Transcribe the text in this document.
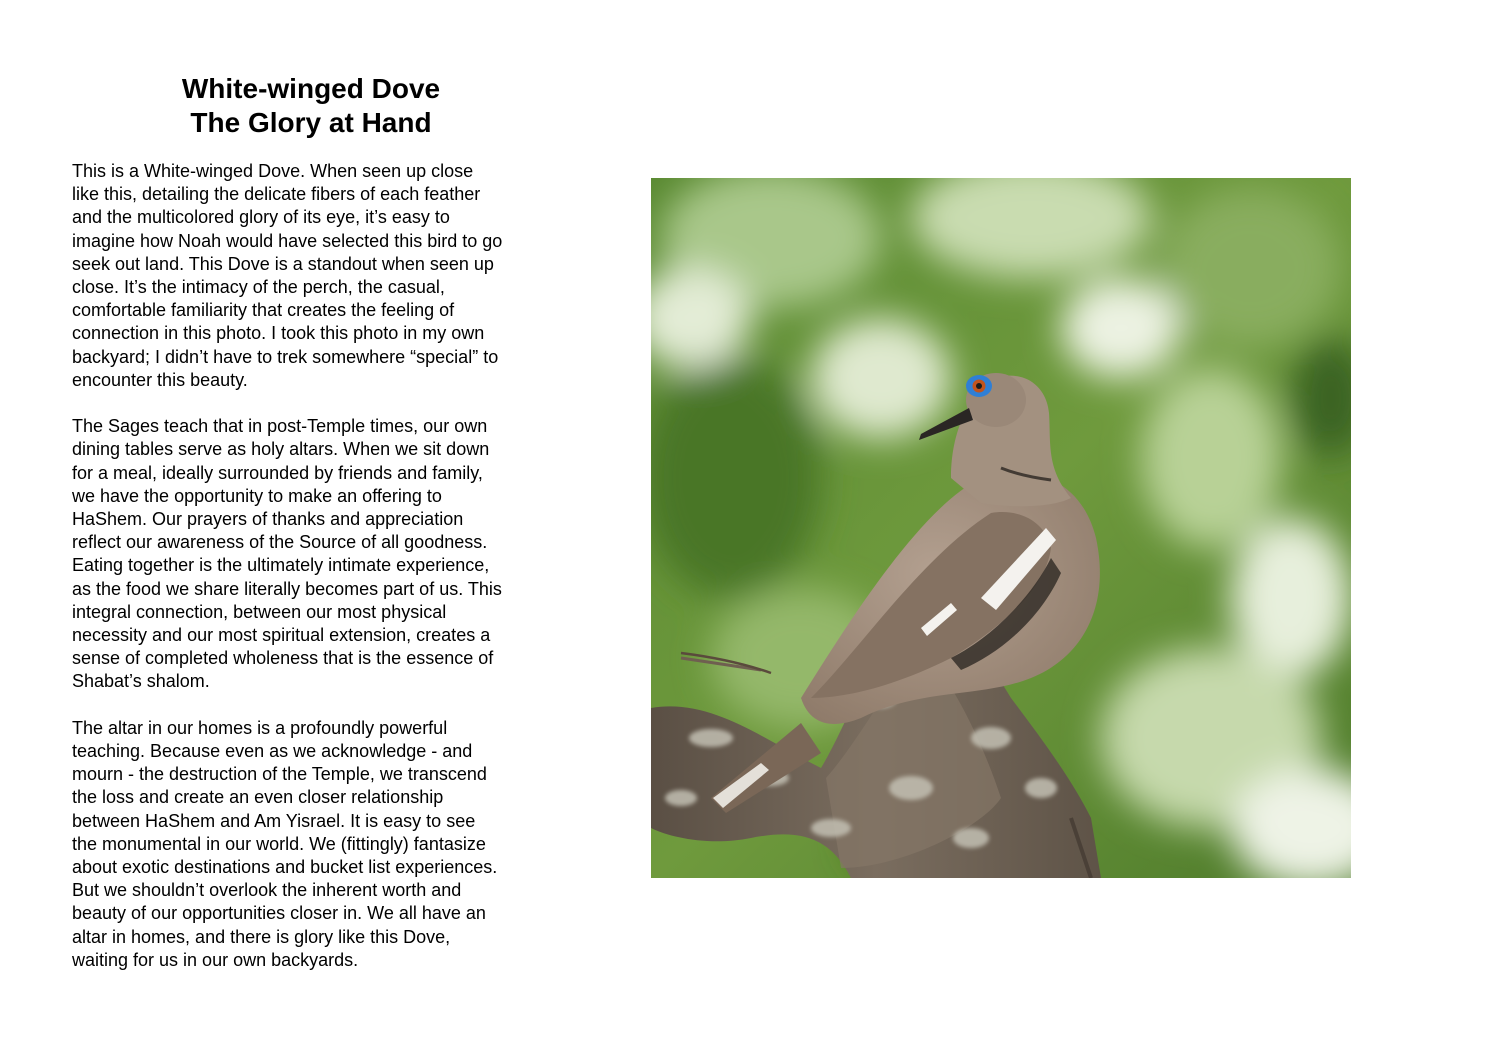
White-winged Dove
The Glory at Hand

This is a White-winged Dove. When seen up close
like this, detailing the delicate fibers of each feather
and the multicolored glory of its eye, it’s easy to
imagine how Noah would have selected this bird to go
seek out land. This Dove is a standout when seen up
close. It’s the intimacy of the perch, the casual,
comfortable familiarity that creates the feeling of
connection in this photo. I took this photo in my own
backyard; I didn’t have to trek somewhere “special” to
encounter this beauty.

The Sages teach that in post-Temple times, our own
dining tables serve as holy altars. When we sit down
for a meal, ideally surrounded by friends and family,
we have the opportunity to make an offering to
HaShem. Our prayers of thanks and appreciation
reflect our awareness of the Source of all goodness.
Eating together is the ultimately intimate experience,
as the food we share literally becomes part of us. This
integral connection, between our most physical
necessity and our most spiritual extension, creates a
sense of completed wholeness that is the essence of
Shabat’s shalom.

The altar in our homes is a profoundly powerful
teaching. Because even as we acknowledge - and
mourn - the destruction of the Temple, we transcend
the loss and create an even closer relationship
between HaShem and Am Yisrael. It is easy to see
the monumental in our world. We (fittingly) fantasize
about exotic destinations and bucket list experiences.
But we shouldn’t overlook the inherent worth and
beauty of our opportunities closer in. We all have an
altar in homes, and there is glory like this Dove,
waiting for us in our own backyards.
